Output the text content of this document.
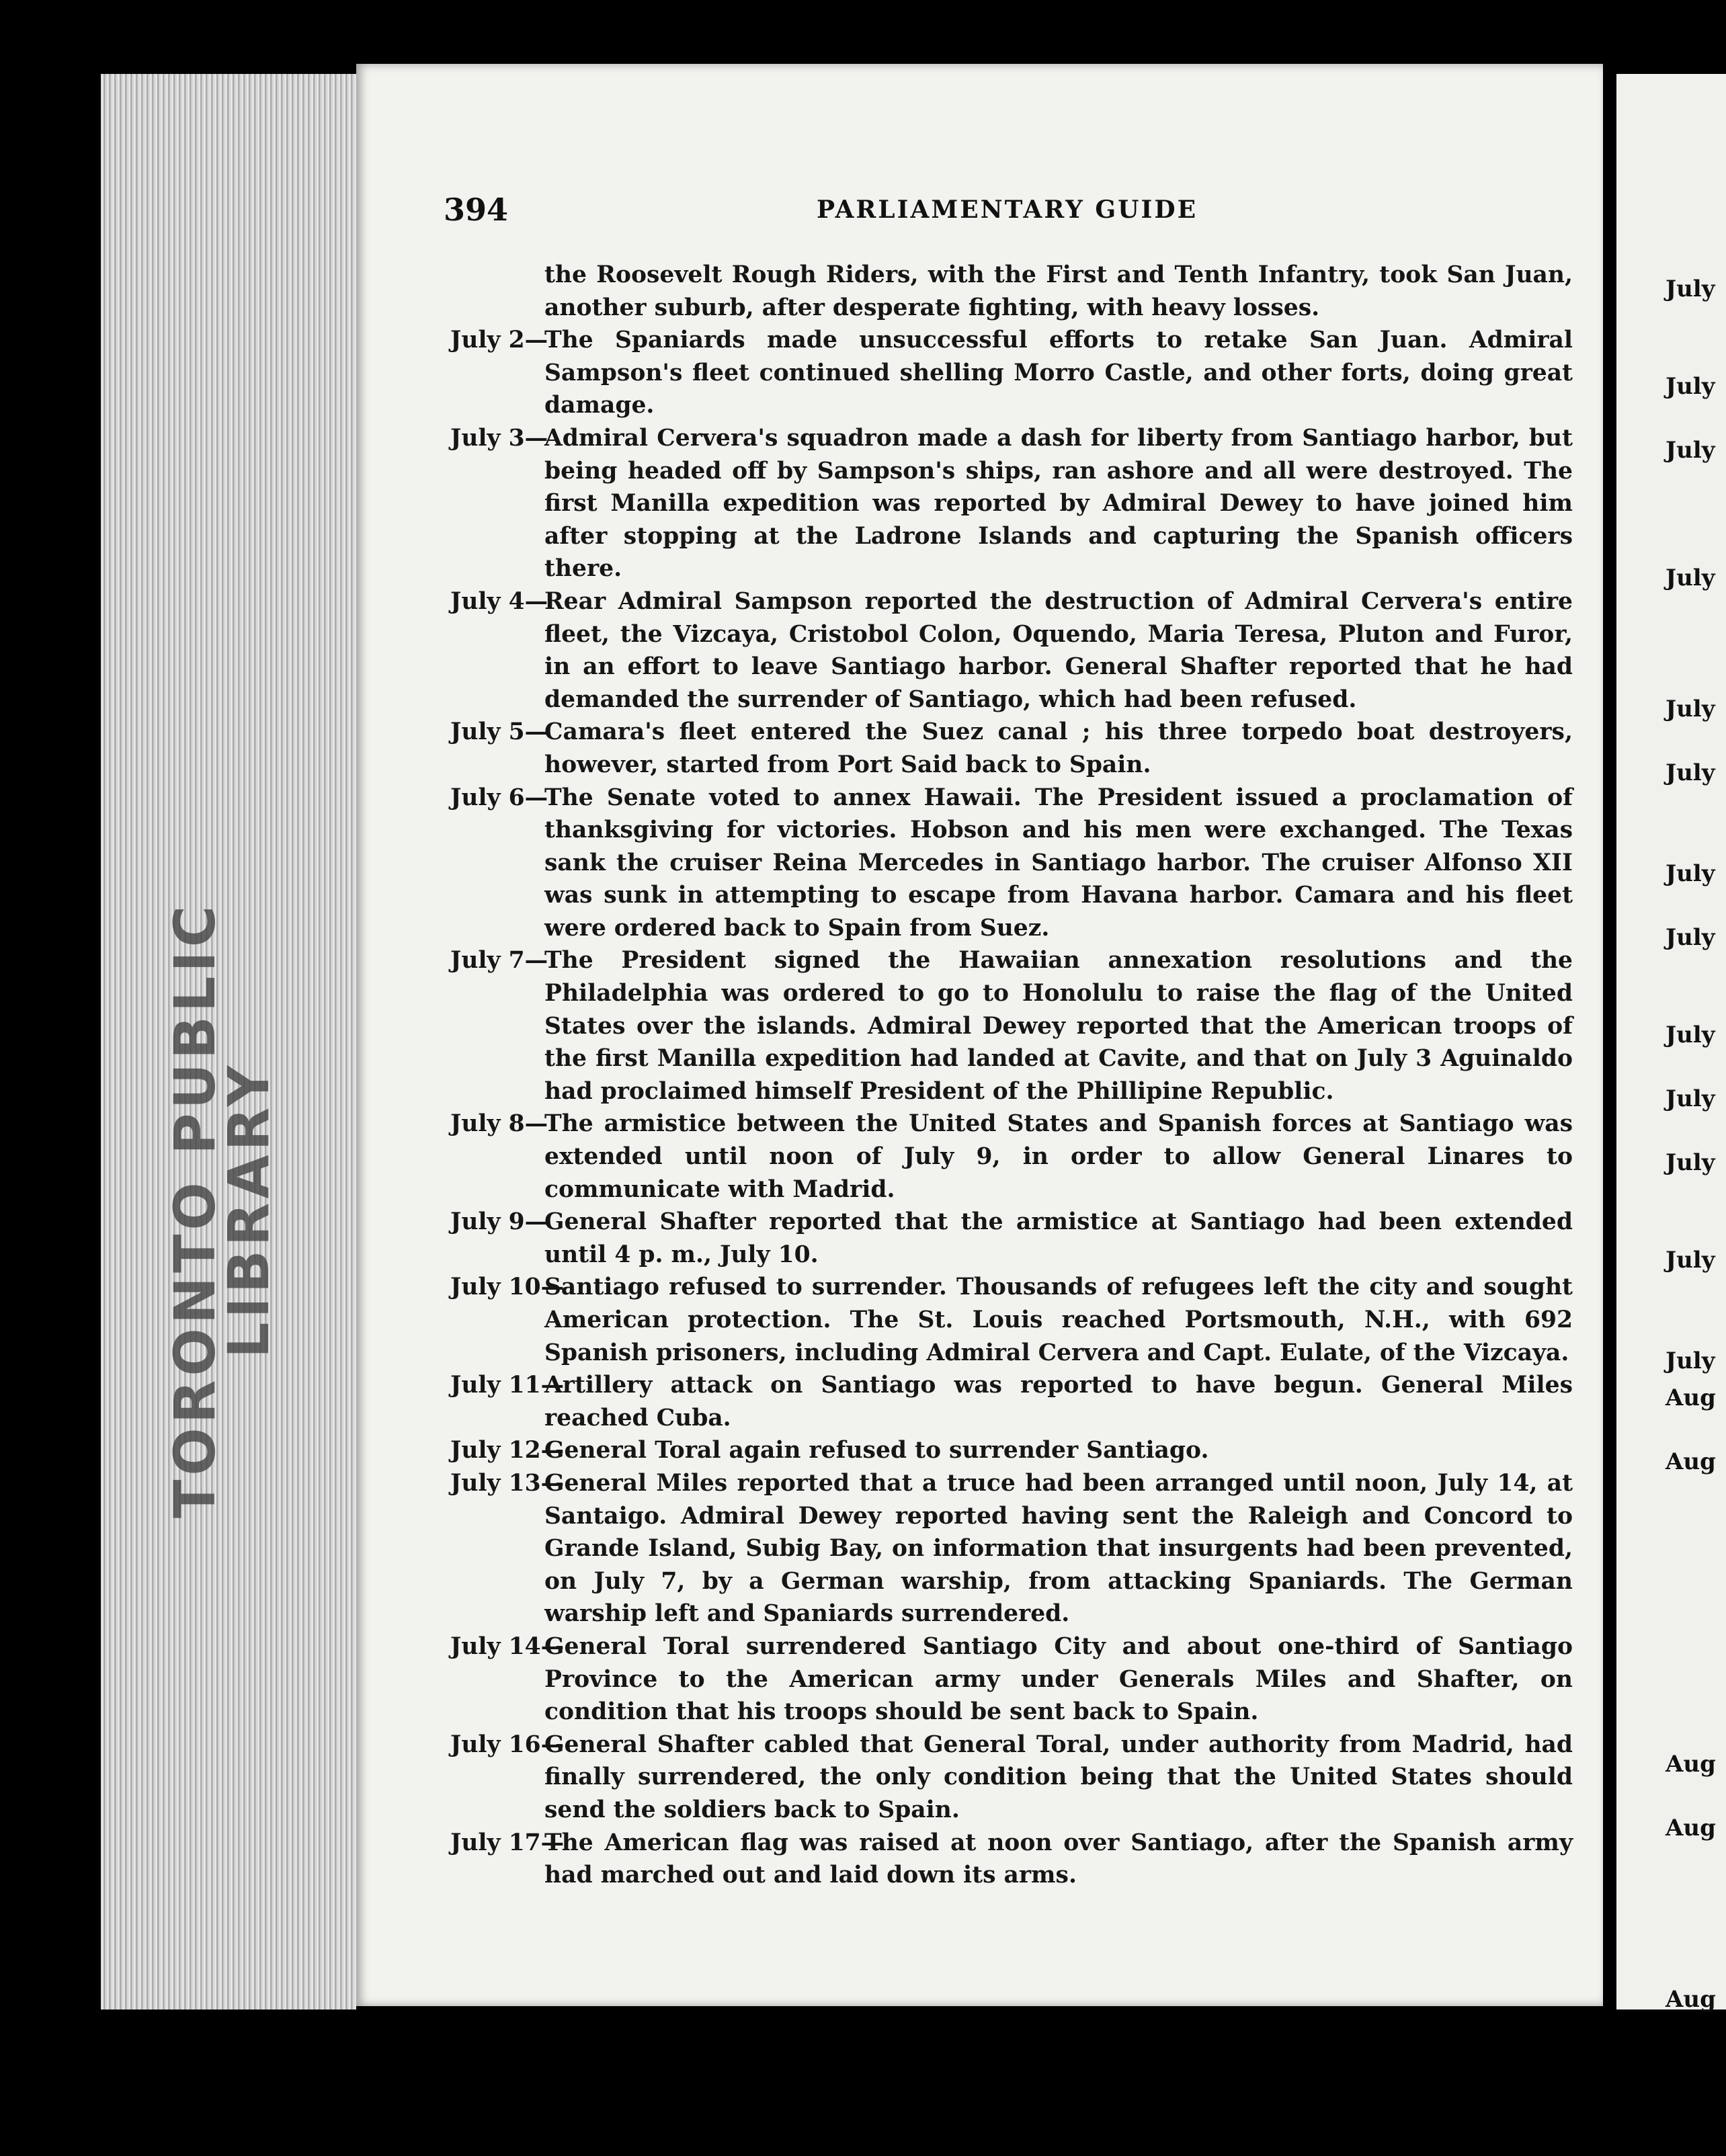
TORONTO PUBLIC LIBRARY
394	PARLIAMENTARY GUIDE

the Roosevelt Rough Riders, with the First and Tenth Infantry, took San Juan, another suburb, after desperate fighting, with heavy losses.

July 2—
The Spaniards made unsuccessful efforts to retake San Juan. Admiral Sampson's fleet continued shelling Morro Castle, and other forts, doing great damage.

July 3—
Admiral Cervera's squadron made a dash for liberty from Santiago harbor, but being headed off by Sampson's ships, ran ashore and all were destroyed. The first Manilla expedition was reported by Admiral Dewey to have joined him after stopping at the Ladrone Islands and capturing the Spanish officers there.

July 4—
Rear Admiral Sampson reported the destruction of Admiral Cervera's entire fleet, the Vizcaya, Cristobol Colon, Oquendo, Maria Teresa, Pluton and Furor, in an effort to leave Santiago harbor. General Shafter reported that he had demanded the surrender of Santiago, which had been refused.

July 5—
Camara's fleet entered the Suez canal ; his three torpedo boat destroyers, however, started from Port Said back to Spain.

July 6—
The Senate voted to annex Hawaii. The President issued a proclamation of thanksgiving for victories. Hobson and his men were exchanged. The Texas sank the cruiser Reina Mercedes in Santiago harbor. The cruiser Alfonso XII was sunk in attempting to escape from Havana harbor. Camara and his fleet were ordered back to Spain from Suez.

July 7—
The President signed the Hawaiian annexation resolutions and the Philadelphia was ordered to go to Honolulu to raise the flag of the United States over the islands. Admiral Dewey reported that the American troops of the first Manilla expedition had landed at Cavite, and that on July 3 Aguinaldo had proclaimed himself President of the Phillipine Republic.

July 8—
The armistice between the United States and Spanish forces at Santiago was extended until noon of July 9, in order to allow General Linares to communicate with Madrid.

July 9—
General Shafter reported that the armistice at Santiago had been extended until 4 p. m., July 10.

July 10—
Santiago refused to surrender. Thousands of refugees left the city and sought American protection. The St. Louis reached Portsmouth, N.H., with 692 Spanish prisoners, including Admiral Cervera and Capt. Eulate, of the Vizcaya.

July 11—
Artillery attack on Santiago was reported to have begun. General Miles reached Cuba.

July 12—
General Toral again refused to surrender Santiago.

July 13—
General Miles reported that a truce had been arranged until noon, July 14, at Santaigo. Admiral Dewey reported having sent the Raleigh and Concord to Grande Island, Subig Bay, on information that insurgents had been prevented, on July 7, by a German warship, from attacking Spaniards. The German warship left and Spaniards surrendered.

July 14—
General Toral surrendered Santiago City and about one-third of Santiago Province to the American army under Generals Miles and Shafter, on condition that his troops should be sent back to Spain.

July 16—
General Shafter cabled that General Toral, under authority from Madrid, had finally surrendered, the only condition being that the United States should send the soldiers back to Spain.

July 17—
The American flag was raised at noon over Santiago, after the Spanish army had marched out and laid down its arms.

July
July
July
July
July
July
July
July
July
July
July
July
July
Aug
Aug
Aug
Aug
Aug
